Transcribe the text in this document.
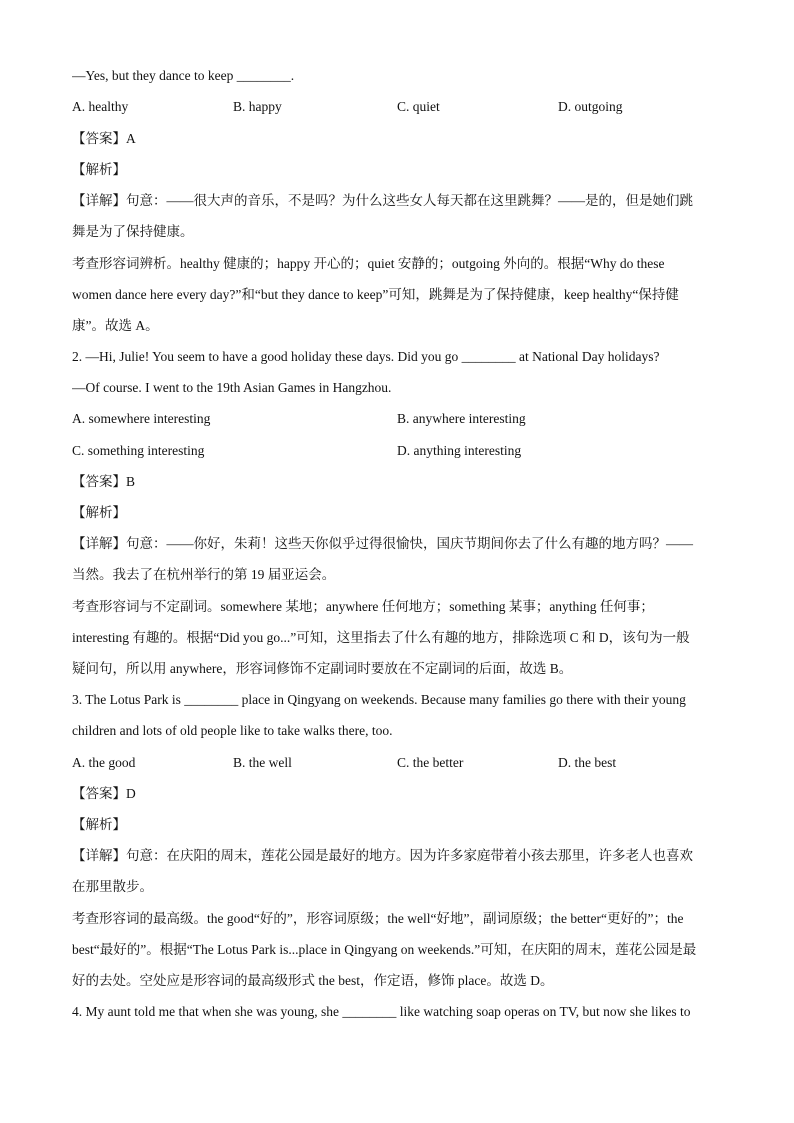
—Yes, but they dance to keep ________.
A. healthy	B. happy	C. quiet	D. outgoing
【答案】A
【解析】
【详解】句意：——很大声的音乐，不是吗？为什么这些女人每天都在这里跳舞？——是的，但是她们跳
舞是为了保持健康。
考查形容词辨析。healthy 健康的；happy 开心的；quiet 安静的；outgoing 外向的。根据“Why do these
women dance here every day?”和“but they dance to keep”可知，跳舞是为了保持健康，keep healthy“保持健
康”。故选 A。
2. —Hi, Julie! You seem to have a good holiday these days. Did you go ________ at National Day holidays?
—Of course. I went to the 19th Asian Games in Hangzhou.
A. somewhere interesting	B. anywhere interesting
C. something interesting	D. anything interesting
【答案】B
【解析】
【详解】句意：——你好，朱莉！这些天你似乎过得很愉快，国庆节期间你去了什么有趣的地方吗？——
当然。我去了在杭州举行的第 19 届亚运会。
考查形容词与不定副词。somewhere 某地；anywhere 任何地方；something 某事；anything 任何事；
interesting 有趣的。根据“Did you go...”可知，这里指去了什么有趣的地方，排除选项 C 和 D，该句为一般
疑问句，所以用 anywhere，形容词修饰不定副词时要放在不定副词的后面，故选 B。
3. The Lotus Park is ________ place in Qingyang on weekends. Because many families go there with their young
children and lots of old people like to take walks there, too.
A. the good	B. the well	C. the better	D. the best
【答案】D
【解析】
【详解】句意：在庆阳的周末，莲花公园是最好的地方。因为许多家庭带着小孩去那里，许多老人也喜欢
在那里散步。
考查形容词的最高级。the good“好的”，形容词原级；the well“好地”，副词原级；the better“更好的”；the
best“最好的”。根据“The Lotus Park is...place in Qingyang on weekends.”可知，在庆阳的周末，莲花公园是最
好的去处。空处应是形容词的最高级形式 the best，作定语，修饰 place。故选 D。
4. My aunt told me that when she was young, she ________ like watching soap operas on TV, but now she likes to
